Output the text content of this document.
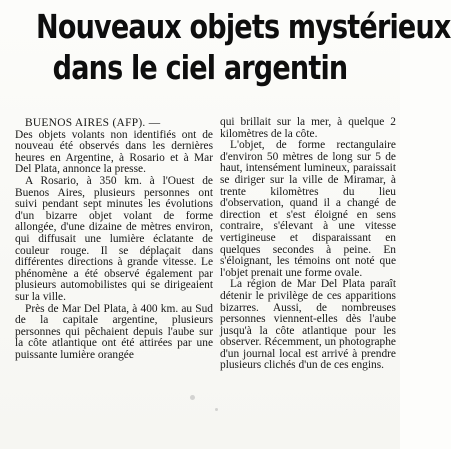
Nouveaux objets mystérieux
dans le ciel argentin

BUENOS AIRES (AFP). —

Des objets volants non identifiés ont de nouveau été observés dans les dernières heures en Argentine, à Rosario et à Mar Del Plata, annonce la presse.

A Rosario, à 350 km. à l'Ouest de Buenos Aires, plusieurs personnes ont suivi pendant sept minutes les évolutions d'un bizarre objet volant de forme allongée, d'une dizaine de mètres environ, qui diffusait une lumière éclatante de couleur rouge. Il se déplaçait dans différentes directions à grande vitesse. Le phénomène a été observé également par plusieurs automobilistes qui se dirigeaient sur la ville.

Près de Mar Del Plata, à 400 km. au Sud de la capitale argentine, plusieurs personnes qui pêchaient depuis l'aube sur la côte atlantique ont été attirées par une puissante lumière orangée

qui brillait sur la mer, à quelque 2 kilomètres de la côte.

L'objet, de forme rectangulaire d'environ 50 mètres de long sur 5 de haut, intensément lumineux, paraissait se diriger sur la ville de Miramar, à trente kilomètres du lieu d'observation, quand il a changé de direction et s'est éloigné en sens contraire, s'élevant à une vitesse vertigineuse et disparaissant en quelques secondes à peine. En s'éloignant, les témoins ont noté que l'objet prenait une forme ovale.

La région de Mar Del Plata paraît détenir le privilège de ces apparitions bizarres. Aussi, de nombreuses personnes viennent-elles dès l'aube jusqu'à la côte atlantique pour les observer. Récemment, un photographe d'un journal local est arrivé à prendre plusieurs clichés d'un de ces engins.
